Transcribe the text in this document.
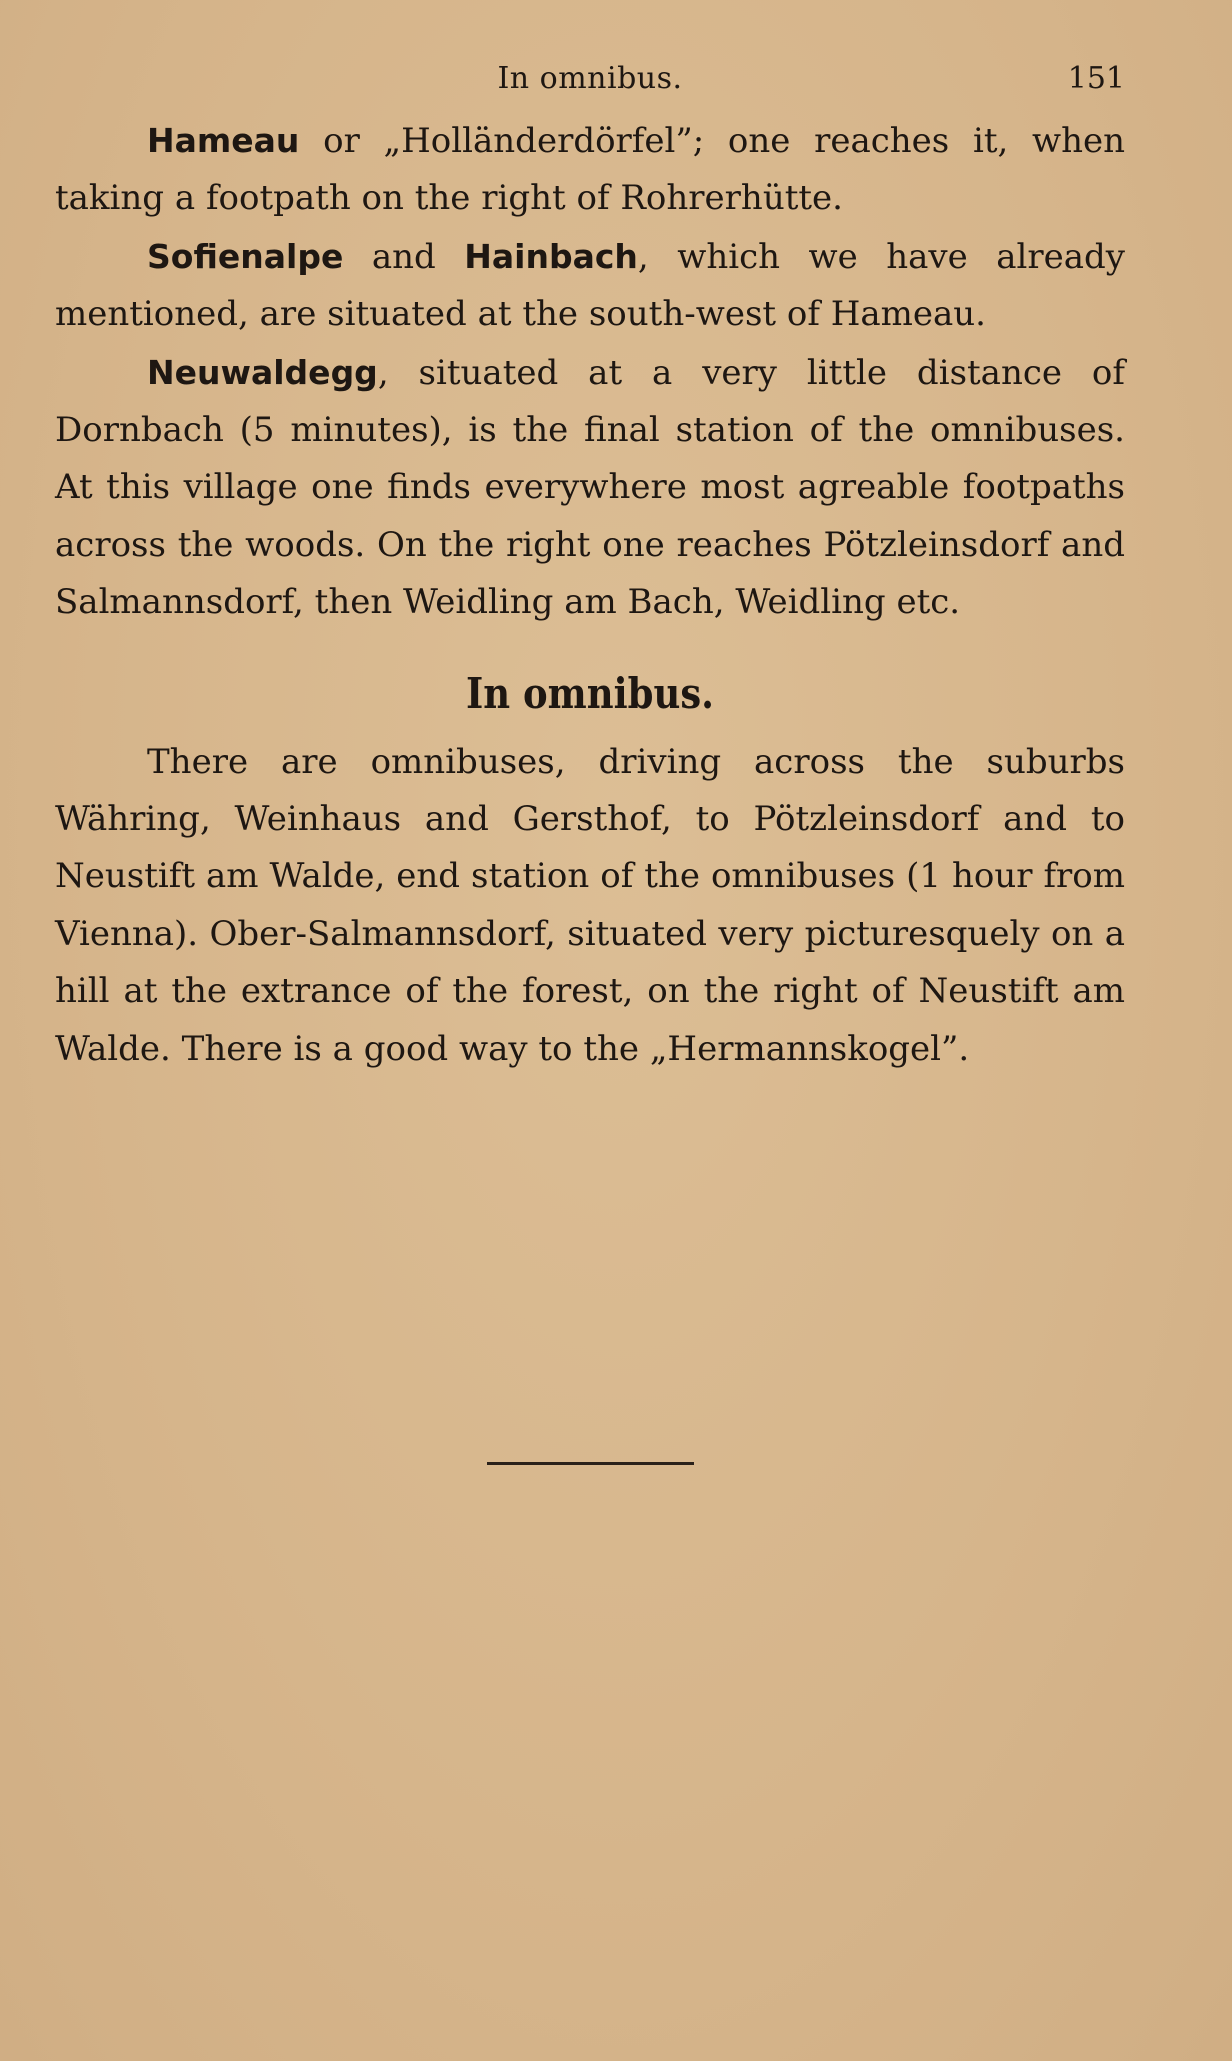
In omnibus.	151

Hameau or „Holländerdörfel”; one reaches it, when taking a footpath on the right of Rohrerhütte.

Sofienalpe and Hainbach, which we have already mentioned, are situated at the south-west of Hameau.

Neuwaldegg, situated at a very little distance of Dornbach (5 minutes), is the final station of the omnibuses. At this village one finds everywhere most agreable footpaths across the woods. On the right one reaches Pötzleinsdorf and Salmannsdorf, then Weidling am Bach, Weidling etc.

In omnibus.

There are omnibuses, driving across the suburbs Währing, Weinhaus and Gersthof, to Pötzleinsdorf and to Neustift am Walde, end station of the omnibuses (1 hour from Vienna). Ober-Salmannsdorf, situated very picturesquely on a hill at the extrance of the forest, on the right of Neustift am Walde. There is a good way to the „Hermannskogel”.
